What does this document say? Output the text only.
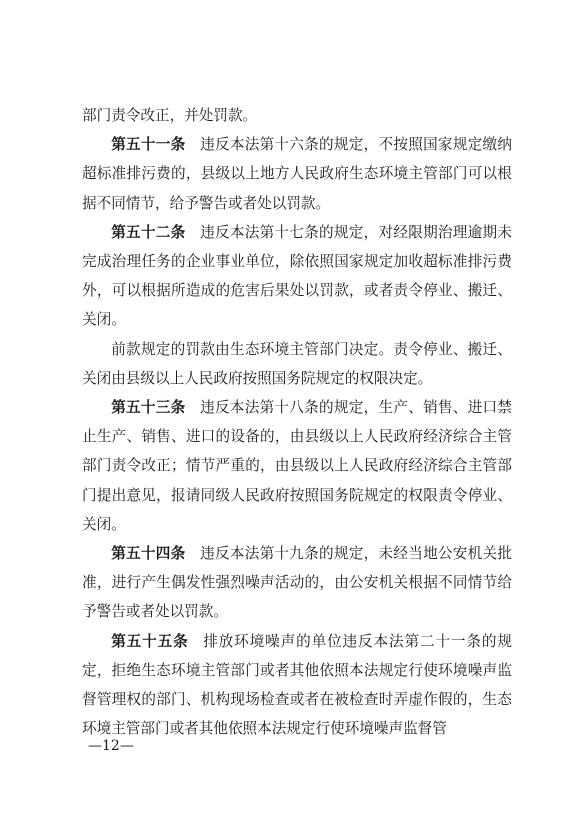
部门责令改正，并处罚款。

第五十一条 违反本法第十六条的规定，不按照国家规定缴纳超标准排污费的，县级以上地方人民政府生态环境主管部门可以根据不同情节，给予警告或者处以罚款。

第五十二条 违反本法第十七条的规定，对经限期治理逾期未完成治理任务的企业事业单位，除依照国家规定加收超标准排污费外，可以根据所造成的危害后果处以罚款，或者责令停业、搬迁、关闭。

前款规定的罚款由生态环境主管部门决定。责令停业、搬迁、关闭由县级以上人民政府按照国务院规定的权限决定。

第五十三条 违反本法第十八条的规定，生产、销售、进口禁止生产、销售、进口的设备的，由县级以上人民政府经济综合主管部门责令改正；情节严重的，由县级以上人民政府经济综合主管部门提出意见，报请同级人民政府按照国务院规定的权限责令停业、关闭。

第五十四条 违反本法第十九条的规定，未经当地公安机关批准，进行产生偶发性强烈噪声活动的，由公安机关根据不同情节给予警告或者处以罚款。

第五十五条 排放环境噪声的单位违反本法第二十一条的规定，拒绝生态环境主管部门或者其他依照本法规定行使环境噪声监督管理权的部门、机构现场检查或者在被检查时弄虚作假的，生态环境主管部门或者其他依照本法规定行使环境噪声监督管

—12—
